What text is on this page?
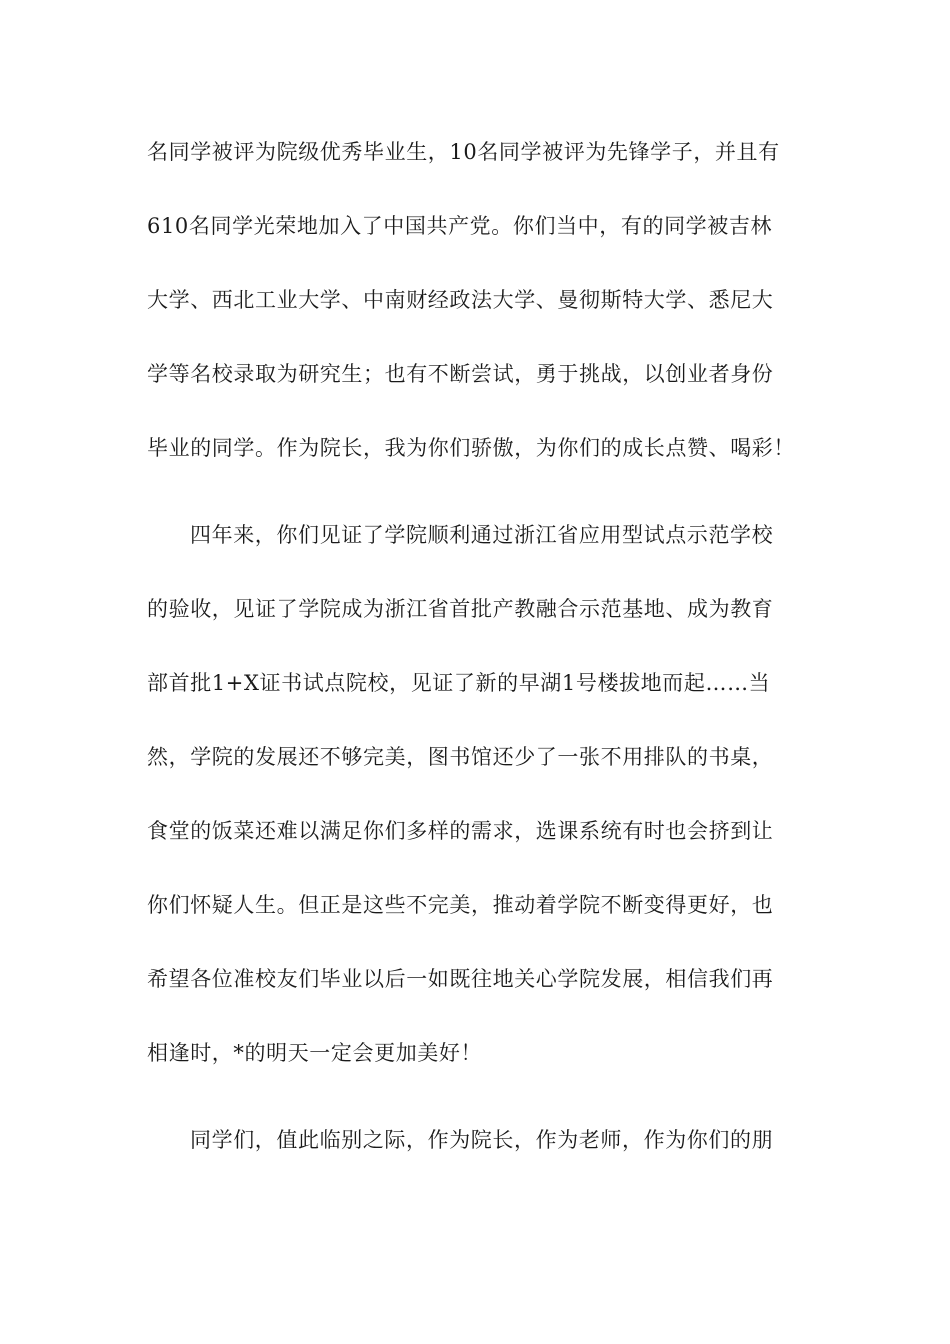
名同学被评为院级优秀毕业生，10名同学被评为先锋学子，并且有
610名同学光荣地加入了中国共产党。你们当中，有的同学被吉林
大学、西北工业大学、中南财经政法大学、曼彻斯特大学、悉尼大
学等名校录取为研究生；也有不断尝试，勇于挑战，以创业者身份
毕业的同学。作为院长，我为你们骄傲，为你们的成长点赞、喝彩！
四年来，你们见证了学院顺利通过浙江省应用型试点示范学校
的验收，见证了学院成为浙江省首批产教融合示范基地、成为教育
部首批1+X证书试点院校，见证了新的早湖1号楼拔地而起……当
然，学院的发展还不够完美，图书馆还少了一张不用排队的书桌，
食堂的饭菜还难以满足你们多样的需求，选课系统有时也会挤到让
你们怀疑人生。但正是这些不完美，推动着学院不断变得更好，也
希望各位准校友们毕业以后一如既往地关心学院发展，相信我们再
相逢时，*的明天一定会更加美好！
同学们，值此临别之际，作为院长，作为老师，作为你们的朋
